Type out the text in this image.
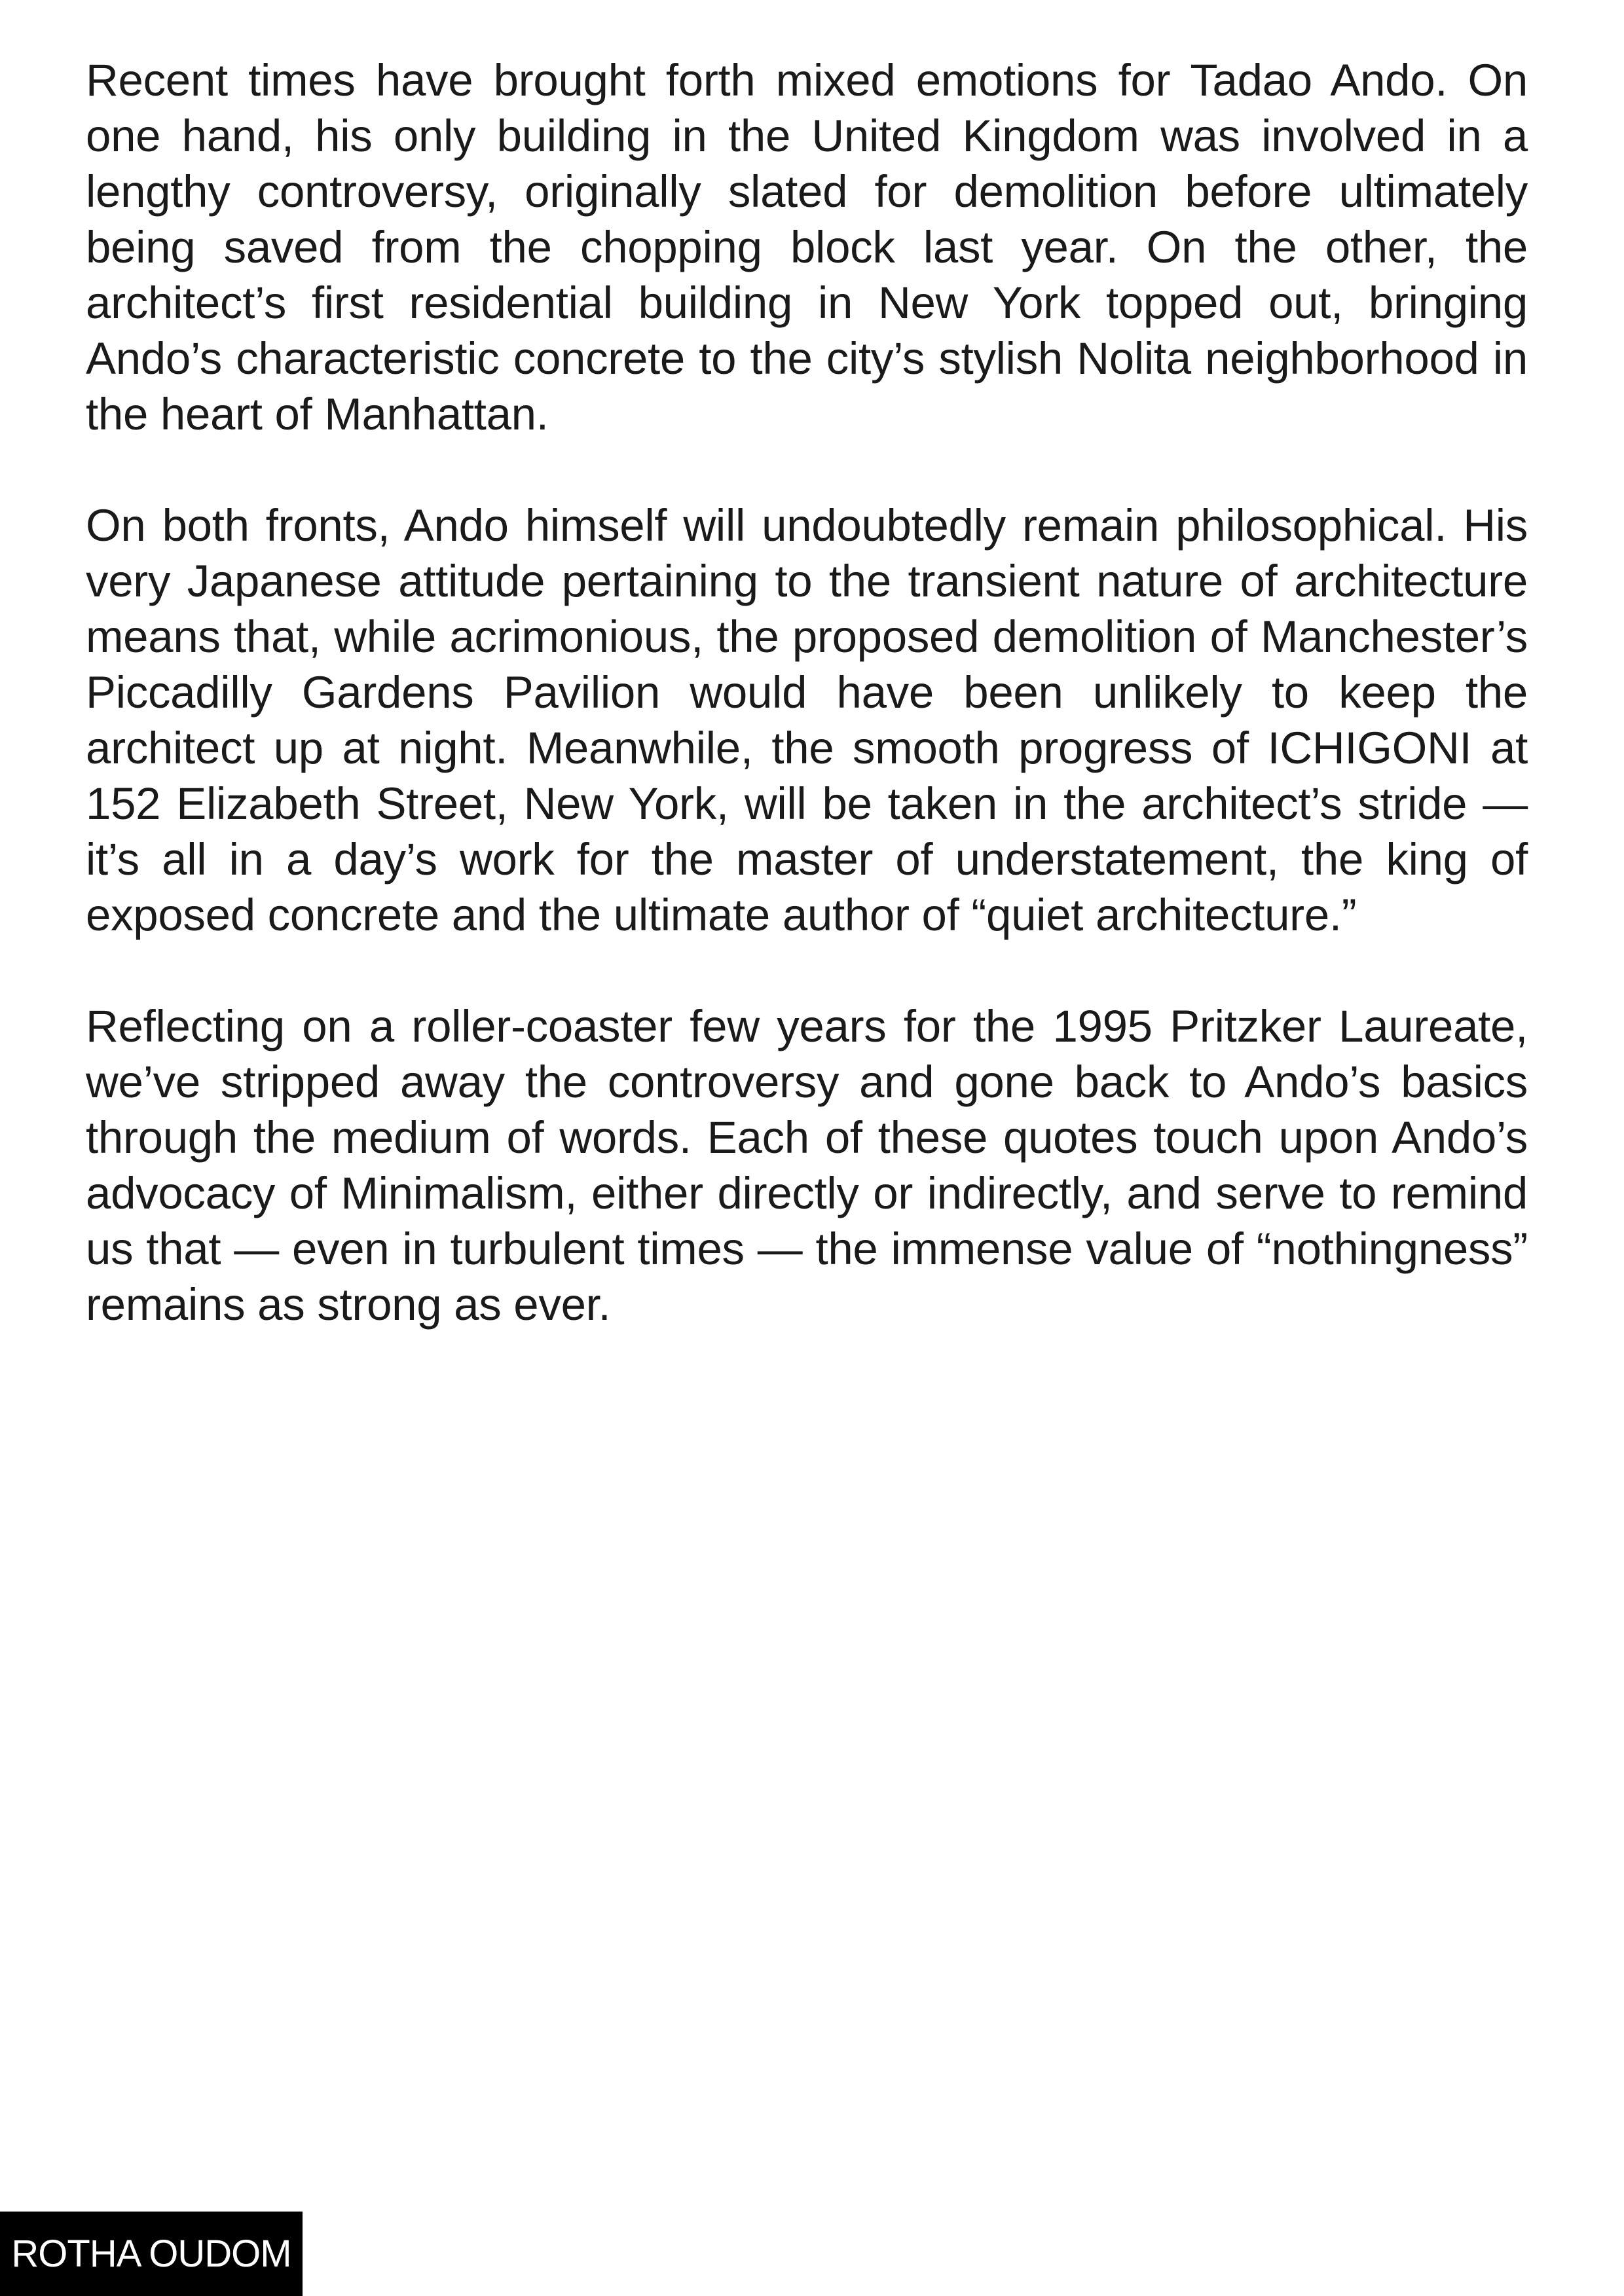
Recent times have brought forth mixed emotions for Tadao Ando. On one hand, his only building in the United Kingdom was involved in a lengthy controversy, originally slated for demolition before ultimately being saved from the chopping block last year. On the other, the architect’s first residential building in New York topped out, bringing Ando’s characteristic concrete to the city’s stylish Nolita neighborhood in the heart of Manhattan.

On both fronts, Ando himself will undoubtedly remain philosophical. His very Japanese attitude pertaining to the transient nature of architecture means that, while acrimonious, the proposed demolition of Manchester’s Piccadilly Gardens Pavilion would have been unlikely to keep the architect up at night. Meanwhile, the smooth progress of ICHIGONI at 152 Elizabeth Street, New York, will be taken in the architect’s stride — it’s all in a day’s work for the master of understatement, the king of exposed concrete and the ultimate author of “quiet architecture.”

Reflecting on a roller-coaster few years for the 1995 Pritzker Laureate, we’ve stripped away the controversy and gone back to Ando’s basics through the medium of words. Each of these quotes touch upon Ando’s advocacy of Minimalism, either directly or indirectly, and serve to remind us that — even in turbulent times — the immense value of “nothingness” remains as strong as ever.

ROTHA OUDOM
